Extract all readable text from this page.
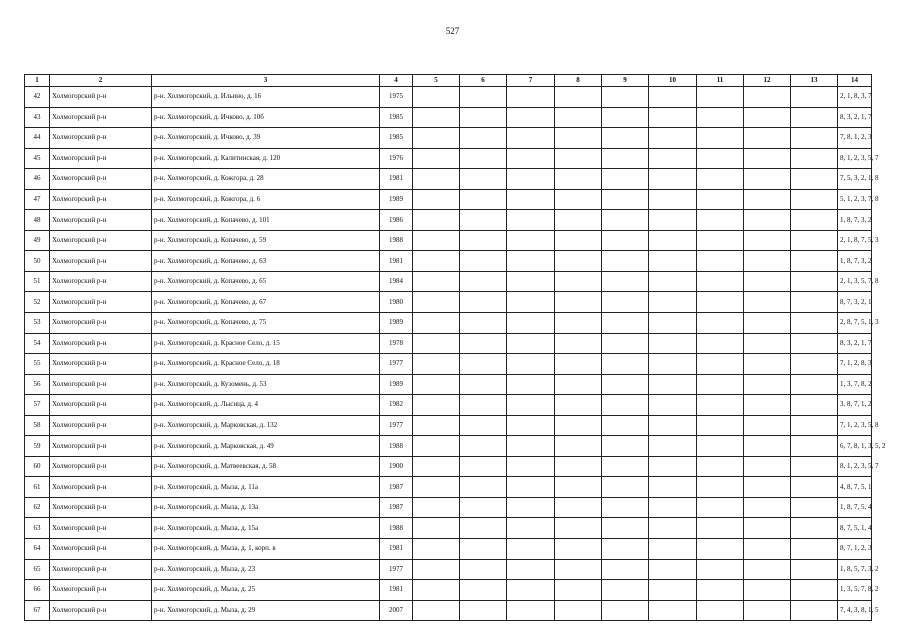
527
1	2	3	4	5	6	7	8	9	10	11	12	13	14
42	Холмогорский р-н	р-н. Холмогорский, д. Ильино, д. 16	1975										2, 1, 8, 3, 7
43	Холмогорский р-н	р-н. Холмогорский, д. Ичково, д. 10б	1985										8, 3, 2, 1, 7
44	Холмогорский р-н	р-н. Холмогорский, д. Ичково, д. 39	1985										7, 8, 1, 2, 3
45	Холмогорский р-н	р-н. Холмогорский, д. Калитинская, д. 120	1976										8, 1, 2, 3, 5, 7
46	Холмогорский р-н	р-н. Холмогорский, д. Кожгора, д. 28	1981										7, 5, 3, 2, 1, 8
47	Холмогорский р-н	р-н. Холмогорский, д. Кожгора, д. 6	1989										5, 1, 2, 3, 7, 8
48	Холмогорский р-н	р-н. Холмогорский, д. Копачево, д. 101	1986										1, 8, 7, 3, 2
49	Холмогорский р-н	р-н. Холмогорский, д. Копачево, д. 59	1988										2, 1, 8, 7, 5, 3
50	Холмогорский р-н	р-н. Холмогорский, д. Копачево, д. 63	1981										1, 8, 7, 3, 2
51	Холмогорский р-н	р-н. Холмогорский, д. Копачево, д. 65	1984										2, 1, 3, 5, 7, 8
52	Холмогорский р-н	р-н. Холмогорский, д. Копачево, д. 67	1980										8, 7, 3, 2, 1
53	Холмогорский р-н	р-н. Холмогорский, д. Копачево, д. 75	1989										2, 8, 7, 5, 1, 3
54	Холмогорский р-н	р-н. Холмогорский, д. Красное Село, д. 15	1978										8, 3, 2, 1, 7
55	Холмогорский р-н	р-н. Холмогорский, д. Красное Село, д. 18	1977										7, 1, 2, 8, 3
56	Холмогорский р-н	р-н. Холмогорский, д. Кузомень, д. 53	1989										1, 3, 7, 8, 2
57	Холмогорский р-н	р-н. Холмогорский, д. Лысица, д. 4	1982										3, 8, 7, 1, 2
58	Холмогорский р-н	р-н. Холмогорский, д. Марковская, д. 132	1977										7, 1, 2, 3, 5, 8
59	Холмогорский р-н	р-н. Холмогорский, д. Марковская, д. 49	1988										6, 7, 8, 1, 3, 5, 2
60	Холмогорский р-н	р-н. Холмогорский, д. Матвеевская, д. 58	1900										8, 1, 2, 3, 5, 7
61	Холмогорский р-н	р-н. Холмогорский, д. Мыза, д. 11а	1987										4, 8, 7, 5, 1
62	Холмогорский р-н	р-н. Холмогорский, д. Мыза, д. 13а	1987										1, 8, 7, 5, 4
63	Холмогорский р-н	р-н. Холмогорский, д. Мыза, д. 15а	1988										8, 7, 5, 1, 4
64	Холмогорский р-н	р-н. Холмогорский, д. Мыза, д. 1, корп. в	1981										8, 7, 1, 2, 3
65	Холмогорский р-н	р-н. Холмогорский, д. Мыза, д. 23	1977										1, 8, 5, 7, 3, 2
66	Холмогорский р-н	р-н. Холмогорский, д. Мыза, д. 25	1981										1, 3, 5, 7, 8, 2
67	Холмогорский р-н	р-н. Холмогорский, д. Мыза, д. 29	2007										7, 4, 3, 8, 1, 5
